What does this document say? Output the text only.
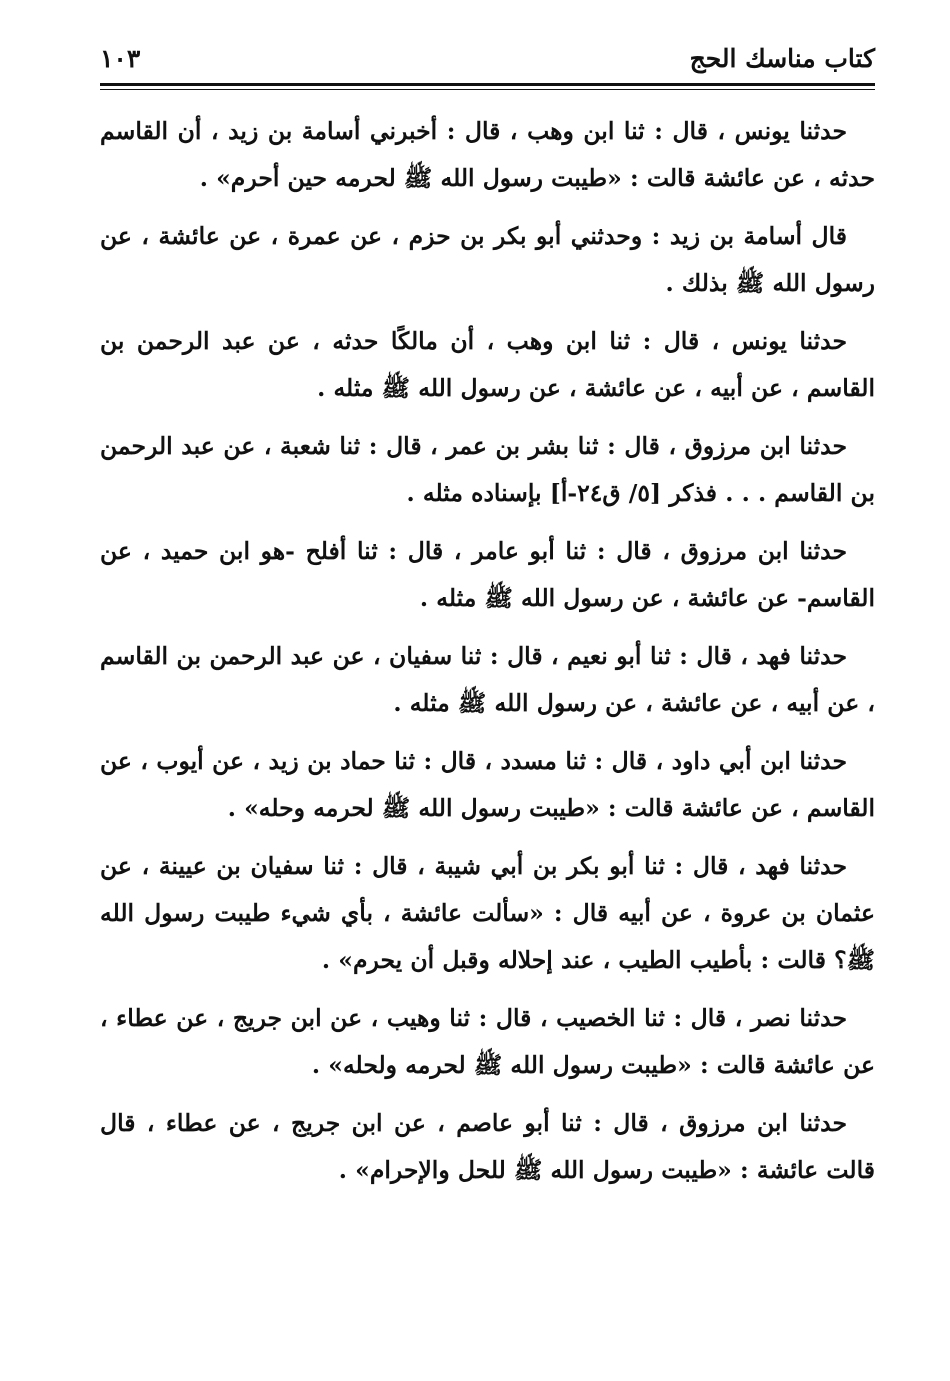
كتاب مناسك الحج
١٠٣

حدثنا يونس ، قال : ثنا ابن وهب ، قال : أخبرني أسامة بن زيد ، أن القاسم حدثه ، عن عائشة قالت : «طيبت رسول الله ﷺ لحرمه حين أحرم» .

قال أسامة بن زيد : وحدثني أبو بكر بن حزم ، عن عمرة ، عن عائشة ، عن رسول الله ﷺ بذلك .

حدثنا يونس ، قال : ثنا ابن وهب ، أن مالكًا حدثه ، عن عبد الرحمن بن القاسم ، عن أبيه ، عن عائشة ، عن رسول الله ﷺ مثله .

حدثنا ابن مرزوق ، قال : ثنا بشر بن عمر ، قال : ثنا شعبة ، عن عبد الرحمن بن القاسم . . . فذكر [٥/ ق٢٤-أ] بإسناده مثله .

حدثنا ابن مرزوق ، قال : ثنا أبو عامر ، قال : ثنا أفلح -هو ابن حميد ، عن القاسم- عن عائشة ، عن رسول الله ﷺ مثله .

حدثنا فهد ، قال : ثنا أبو نعيم ، قال : ثنا سفيان ، عن عبد الرحمن بن القاسم ، عن أبيه ، عن عائشة ، عن رسول الله ﷺ مثله .

حدثنا ابن أبي داود ، قال : ثنا مسدد ، قال : ثنا حماد بن زيد ، عن أيوب ، عن القاسم ، عن عائشة قالت : «طيبت رسول الله ﷺ لحرمه وحله» .

حدثنا فهد ، قال : ثنا أبو بكر بن أبي شيبة ، قال : ثنا سفيان بن عيينة ، عن عثمان بن عروة ، عن أبيه قال : «سألت عائشة ، بأي شيء طيبت رسول الله ﷺ؟ قالت : بأطيب الطيب ، عند إحلاله وقبل أن يحرم» .

حدثنا نصر ، قال : ثنا الخصيب ، قال : ثنا وهيب ، عن ابن جريج ، عن عطاء ، عن عائشة قالت : «طيبت رسول الله ﷺ لحرمه ولحله» .

حدثنا ابن مرزوق ، قال : ثنا أبو عاصم ، عن ابن جريج ، عن عطاء ، قال قالت عائشة : «طيبت رسول الله ﷺ للحل والإحرام» .
